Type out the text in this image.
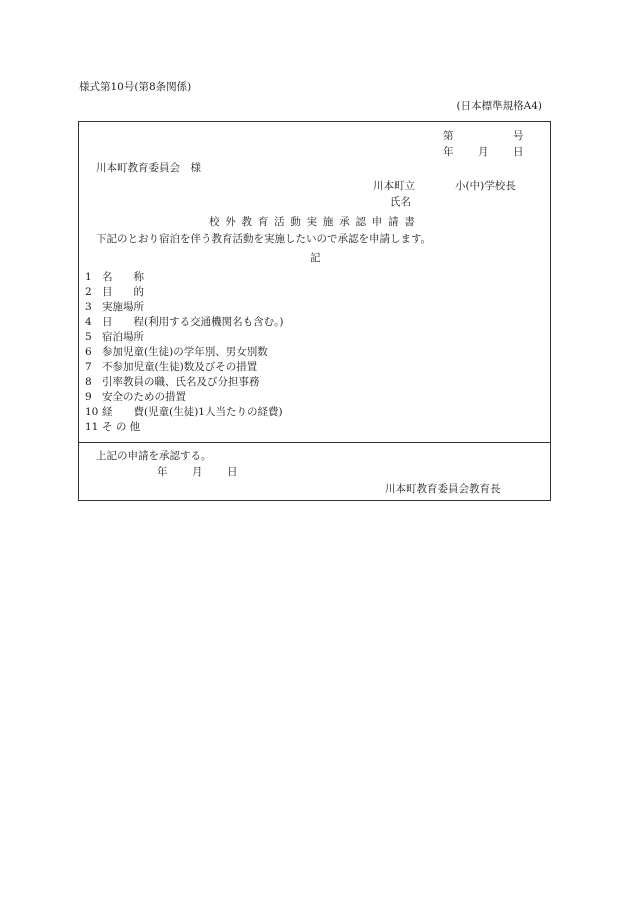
様式第10号(第8条関係)
(日本標準規格A4)
第	号
年 月 日
川本町教育委員会　様
川本町立	小(中)学校長
氏名
校外教育活動実施承認申請書
下記のとおり宿泊を伴う教育活動を実施したいので承認を申請します。
記
1 名　　称
2 目　　的
3 実施場所
4 日　　程(利用する交通機関名も含む。)
5 宿泊場所
6 参加児童(生徒)の学年別、男女別数
7 不参加児童(生徒)数及びその措置
8 引率教員の職、氏名及び分担事務
9 安全のための措置
10 経　　費(児童(生徒)1人当たりの経費)
11 そ の 他
上記の申請を承認する。
年 月 日
川本町教育委員会教育長
